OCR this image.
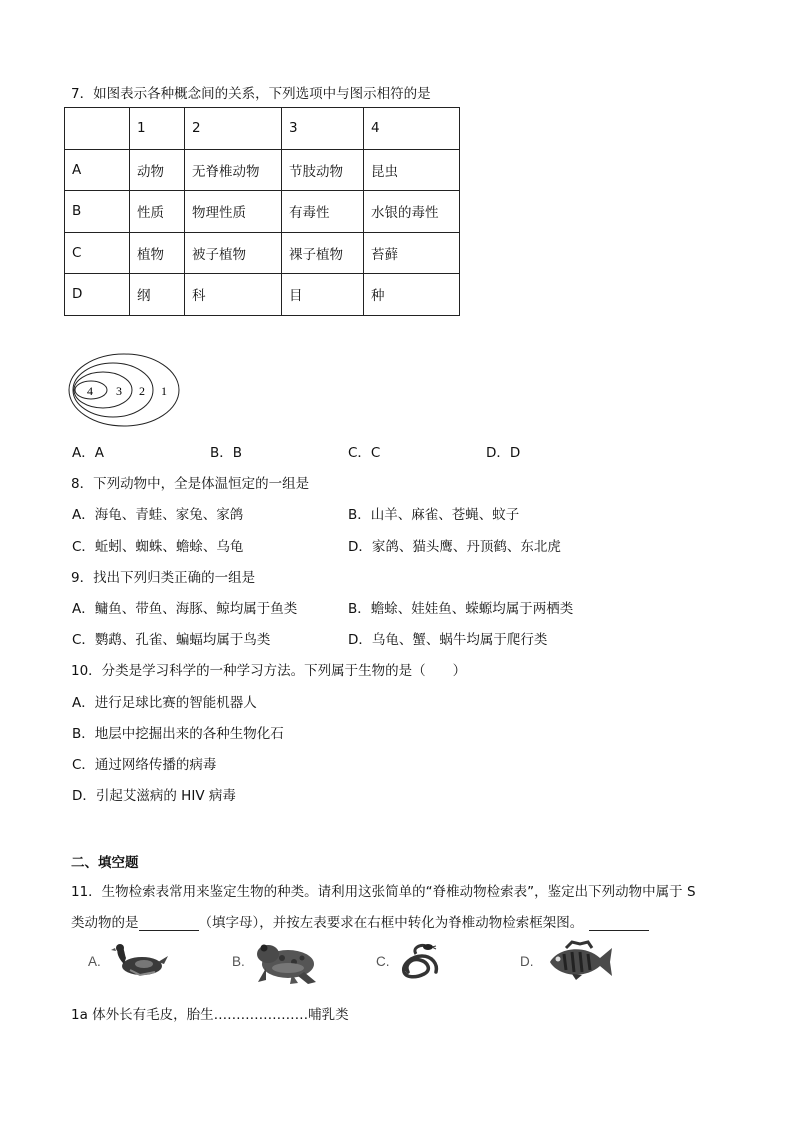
7．如图表示各种概念间的关系，下列选项中与图示相符的是
	1	2	3	4
A	动物	无脊椎动物	节肢动物	昆虫
B	性质	物理性质	有毒性	水银的毒性
C	植物	被子植物	裸子植物	苔藓
D	纲	科	目	种
4 3 2 1
A．A	B．B	C．C	D．D
8．下列动物中，全是体温恒定的一组是
A．海龟、青蛙、家兔、家鸽	B．山羊、麻雀、苍蝇、蚊子
C．蚯蚓、蜘蛛、蟾蜍、乌龟	D．家鸽、猫头鹰、丹顶鹤、东北虎
9．找出下列归类正确的一组是
A．鳙鱼、带鱼、海豚、鲸均属于鱼类	B．蟾蜍、娃娃鱼、蝾螈均属于两栖类
C．鹦鹉、孔雀、蝙蝠均属于鸟类	D．乌龟、蟹、蜗牛均属于爬行类
10．分类是学习科学的一种学习方法。下列属于生物的是（　　）
A．进行足球比赛的智能机器人
B．地层中挖掘出来的各种生物化石
C．通过网络传播的病毒
D．引起艾滋病的 HIV 病毒
二、填空题
11．生物检索表常用来鉴定生物的种类。请利用这张简单的“脊椎动物检索表”，鉴定出下列动物中属于 S
类动物的是	（填字母），并按左表要求在右框中转化为脊椎动物检索框架图。
A.	B.	C.	D.
1a 体外长有毛皮，胎生…………………哺乳类
